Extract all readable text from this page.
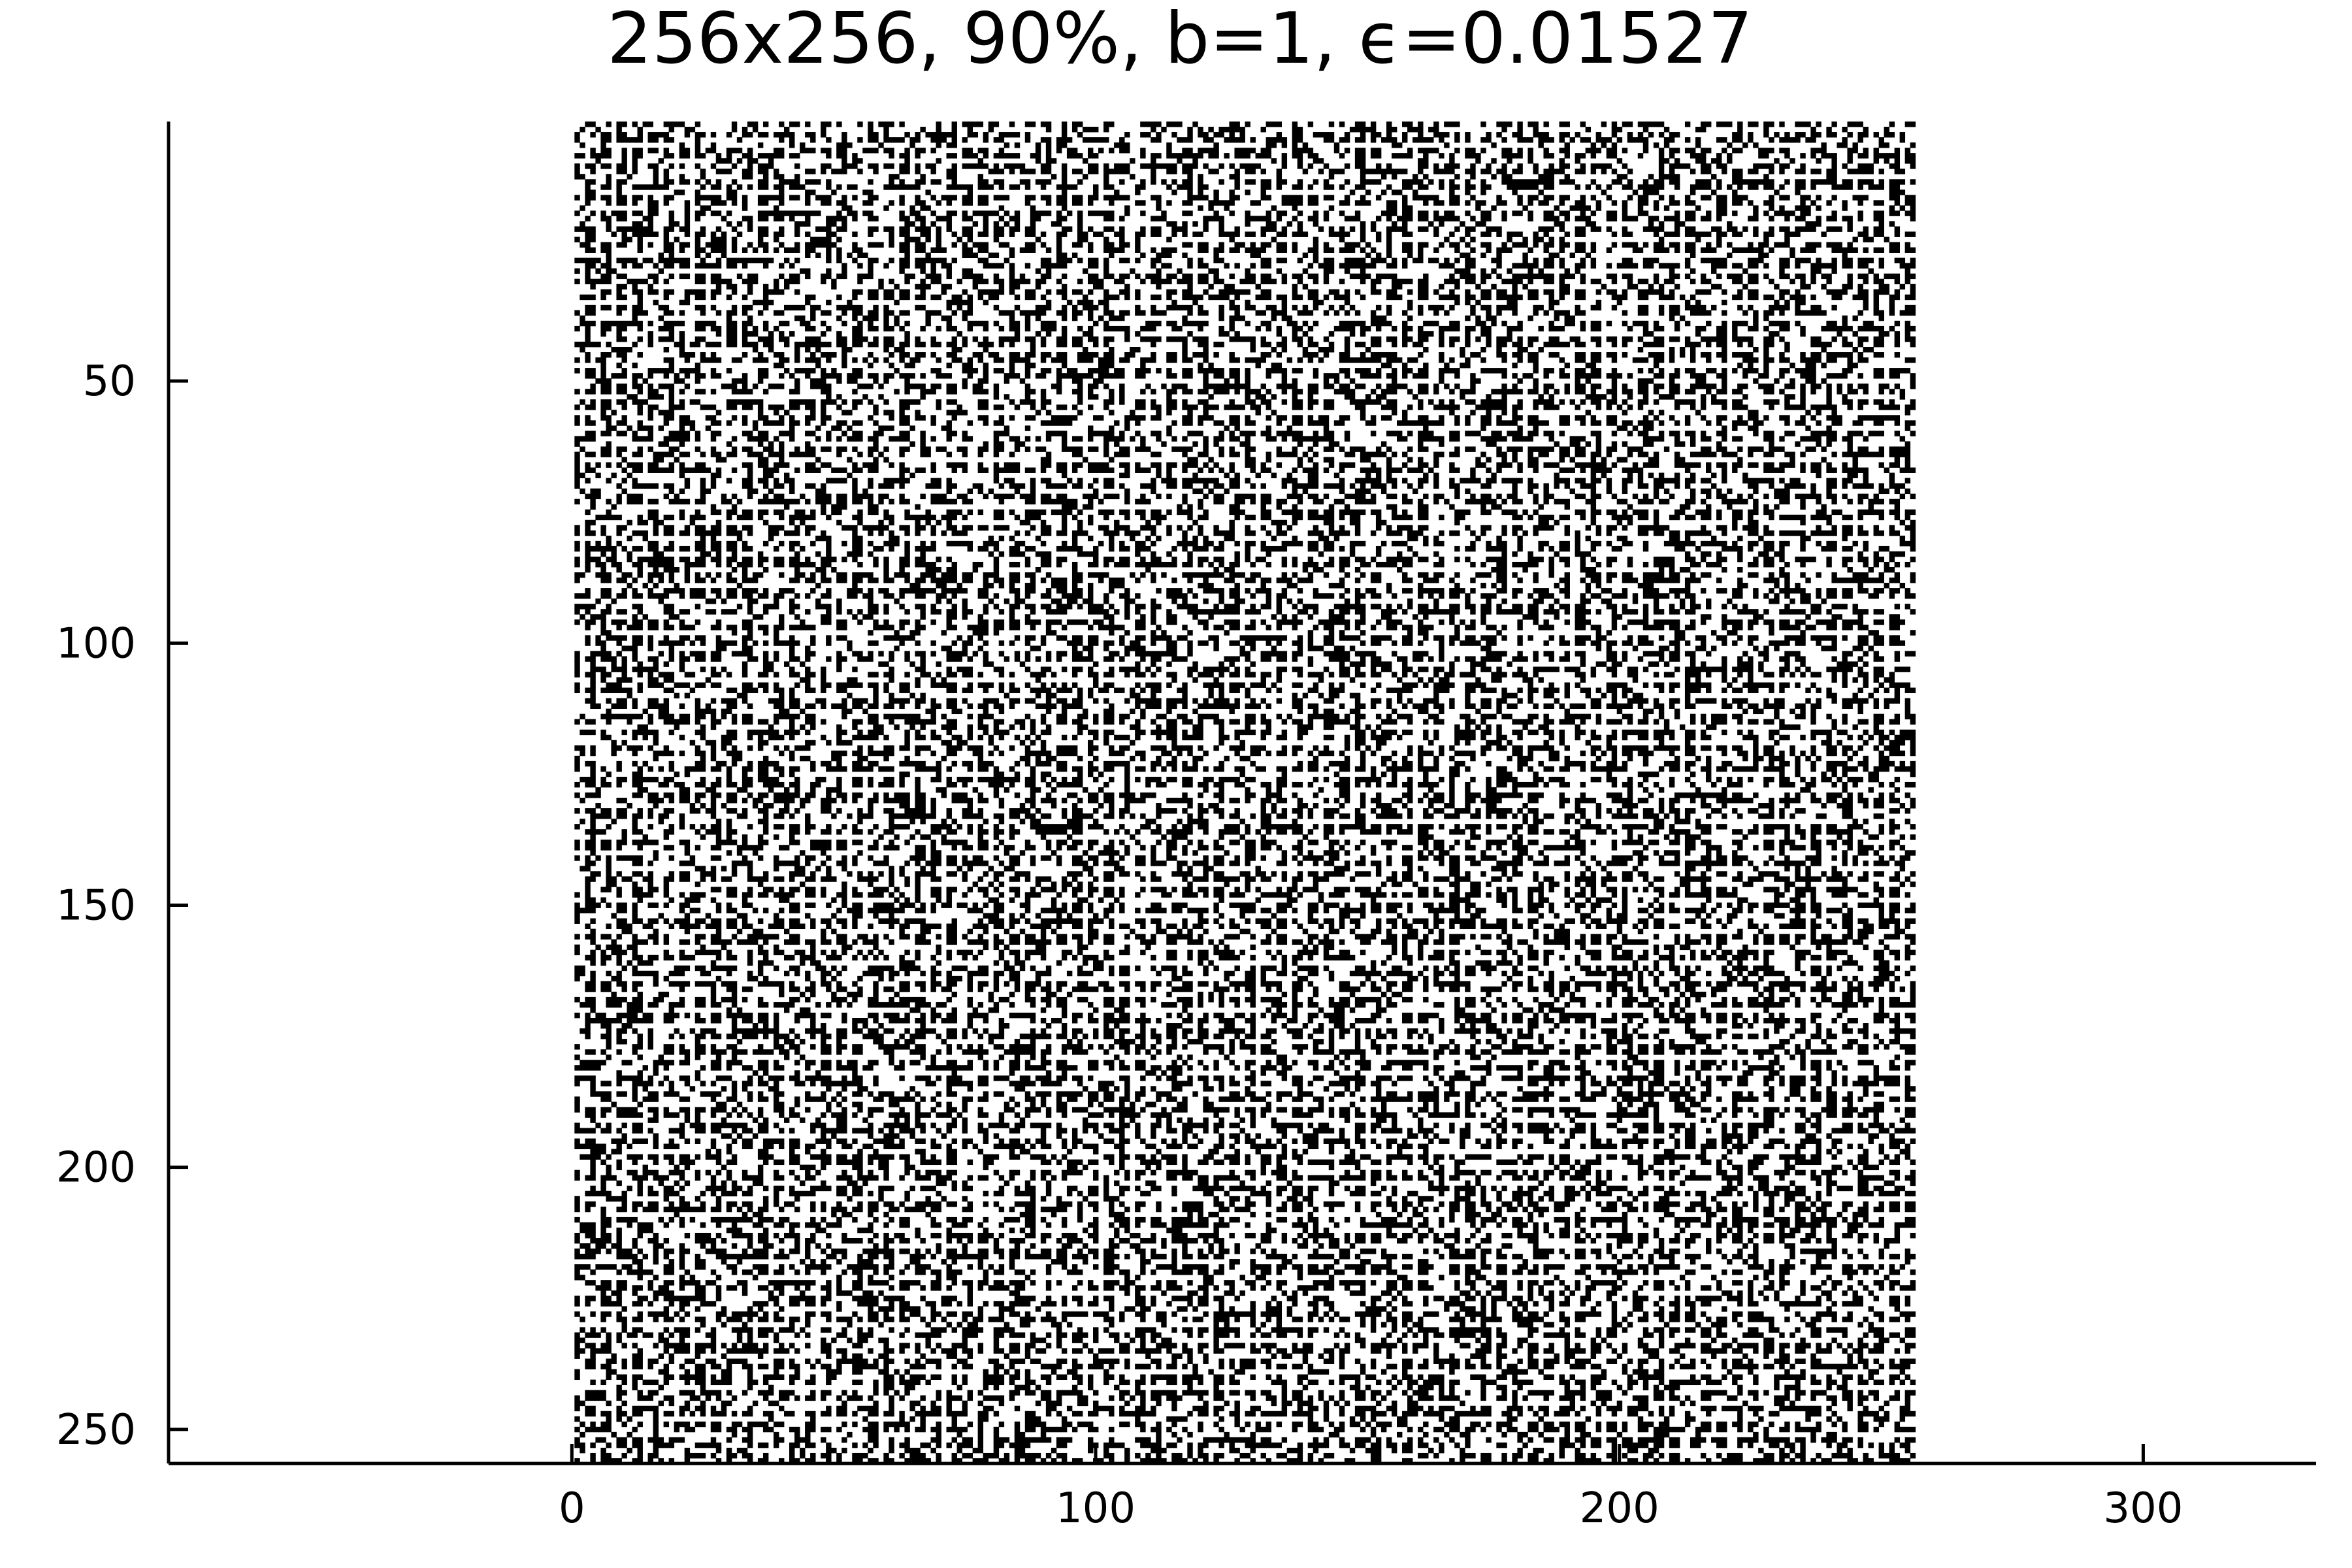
256x256, 90%, b=1, ϵ=0.01527
0	100	200	300
50
100
150
200
250
